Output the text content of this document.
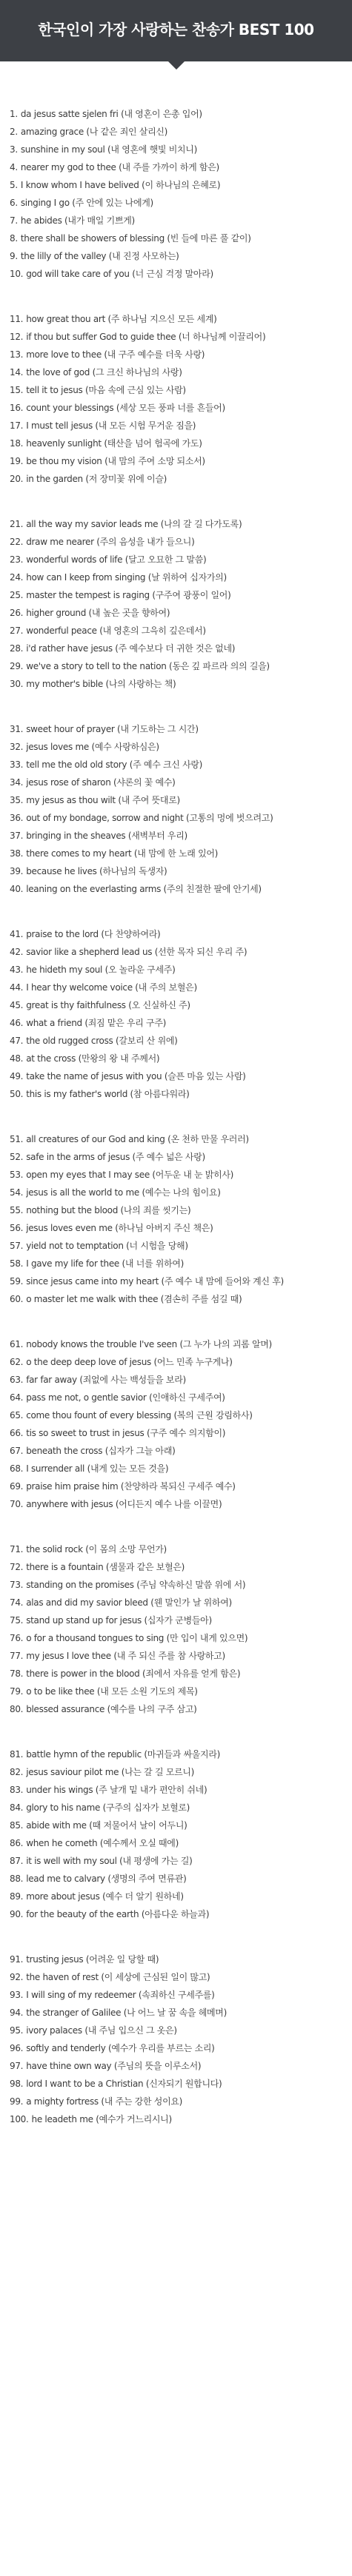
한국인이 가장 사랑하는 찬송가 BEST 100
1. da jesus satte sjelen fri (내 영혼이 은총 입어)
2. amazing grace (나 같은 죄인 살리신)
3. sunshine in my soul (내 영혼에 햇빛 비치니)
4. nearer my god to thee (내 주를 가까이 하게 함은)
5. I know whom I have belived (이 하나님의 은혜로)
6. singing I go (주 안에 있는 나에게)
7. he abides (내가 매일 기쁘게)
8. there shall be showers of blessing (빈 들에 마른 풀 같이)
9. the lilly of the valley (내 진정 사모하는)
10. god will take care of you (너 근심 걱정 말아라)
11. how great thou art (주 하나님 지으신 모든 세계)
12. if thou but suffer God to guide thee (너 하나님께 이끌리어)
13. more love to thee (내 구주 예수를 더욱 사랑)
14. the love of god (그 크신 하나님의 사랑)
15. tell it to jesus (마음 속에 근심 있는 사람)
16. count your blessings (세상 모든 풍파 너를 흔들어)
17. I must tell jesus (내 모든 시험 무거운 짐을)
18. heavenly sunlight (태산을 넘어 험곡에 가도)
19. be thou my vision (내 맘의 주여 소망 되소서)
20. in the garden (저 장미꽃 위에 이슬)
21. all the way my savior leads me (나의 갈 길 다가도록)
22. draw me nearer (주의 음성을 내가 들으니)
23. wonderful words of life (달고 오묘한 그 말씀)
24. how can I keep from singing (날 위하여 십자가의)
25. master the tempest is raging (구주여 광풍이 일어)
26. higher ground (내 높은 곳을 향하여)
27. wonderful peace (내 영혼의 그윽히 깊은데서)
28. i'd rather have jesus (주 예수보다 더 귀한 것은 없네)
29. we've a story to tell to the nation (동은 깊 파르라 의의 길을)
30. my mother's bible (나의 사랑하는 책)
31. sweet hour of prayer (내 기도하는 그 시간)
32. jesus loves me (예수 사랑하심은)
33. tell me the old old story (주 예수 크신 사랑)
34. jesus rose of sharon (샤론의 꽃 예수)
35. my jesus as thou wilt (내 주여 뜻대로)
36. out of my bondage, sorrow and night (고통의 멍에 벗으려고)
37. bringing in the sheaves (새벽부터 우리)
38. there comes to my heart (내 맘에 한 노래 있어)
39. because he lives (하나님의 독생자)
40. leaning on the everlasting arms (주의 친절한 팔에 안기세)
41. praise to the lord (다 찬양하여라)
42. savior like a shepherd lead us (선한 목자 되신 우리 주)
43. he hideth my soul (오 놀라운 구세주)
44. I hear thy welcome voice (내 주의 보혈은)
45. great is thy faithfulness (오 신실하신 주)
46. what a friend (죄짐 맡은 우리 구주)
47. the old rugged cross (갈보리 산 위에)
48. at the cross (만왕의 왕 내 주께서)
49. take the name of jesus with you (슬픈 마음 있는 사람)
50. this is my father's world (참 아름다워라)
51. all creatures of our God and king (온 천하 만물 우러러)
52. safe in the arms of jesus (주 예수 넓은 사랑)
53. open my eyes that I may see (어두운 내 눈 밝히사)
54. jesus is all the world to me (예수는 나의 힘이요)
55. nothing but the blood (나의 죄를 씻기는)
56. jesus loves even me (하나님 아버지 주신 책은)
57. yield not to temptation (너 시험을 당해)
58. I gave my life for thee (내 너를 위하여)
59. since jesus came into my heart (주 예수 내 맘에 들어와 계신 후)
60. o master let me walk with thee (겸손히 주를 섬길 때)
61. nobody knows the trouble I've seen (그 누가 나의 괴롬 알며)
62. o the deep deep love of jesus (어느 민족 누구게나)
63. far far away (죄없에 사는 백성들을 보라)
64. pass me not, o gentle savior (인애하신 구세주여)
65. come thou fount of every blessing (복의 근원 강림하사)
66. tis so sweet to trust in jesus (구주 예수 의지함이)
67. beneath the cross (십자가 그늘 아래)
68. I surrender all (내게 있는 모든 것을)
69. praise him praise him (찬양하라 복되신 구세주 예수)
70. anywhere with jesus (어디든지 예수 나를 이끌면)
71. the solid rock (이 몸의 소망 무언가)
72. there is a fountain (샘물과 같은 보혈은)
73. standing on the promises (주님 약속하신 말씀 위에 서)
74. alas and did my savior bleed (웬 말인가 날 위하여)
75. stand up stand up for jesus (십자가 군병들아)
76. o for a thousand tongues to sing (만 입이 내게 있으면)
77. my jesus I love thee (내 주 되신 주를 참 사랑하고)
78. there is power in the blood (죄에서 자유를 얻게 함은)
79. o to be like thee (내 모든 소원 기도의 제목)
80. blessed assurance (예수를 나의 구주 삼고)
81. battle hymn of the republic (마귀들과 싸울지라)
82. jesus saviour pilot me (나는 갈 길 모르니)
83. under his wings (주 날개 밑 내가 편안히 쉬네)
84. glory to his name (구주의 십자가 보혈로)
85. abide with me (때 저물어서 날이 어두니)
86. when he cometh (예수께서 오실 때에)
87. it is well with my soul (내 평생에 가는 길)
88. lead me to calvary (생명의 주여 면류관)
89. more about jesus (예수 더 알기 원하네)
90. for the beauty of the earth (아름다운 하늘과)
91. trusting jesus (어려운 일 당할 때)
92. the haven of rest (이 세상에 근심된 일이 많고)
93. I will sing of my redeemer (속죄하신 구세주를)
94. the stranger of Galilee (나 어느 날 꿈 속을 헤메며)
95. ivory palaces (내 주님 입으신 그 옷은)
96. softly and tenderly (예수가 우리를 부르는 소리)
97. have thine own way (주님의 뜻을 이루소서)
98. lord I want to be a Christian (신자되기 원합니다)
99. a mighty fortress (내 주는 강한 성이요)
100. he leadeth me (예수가 거느리시니)
